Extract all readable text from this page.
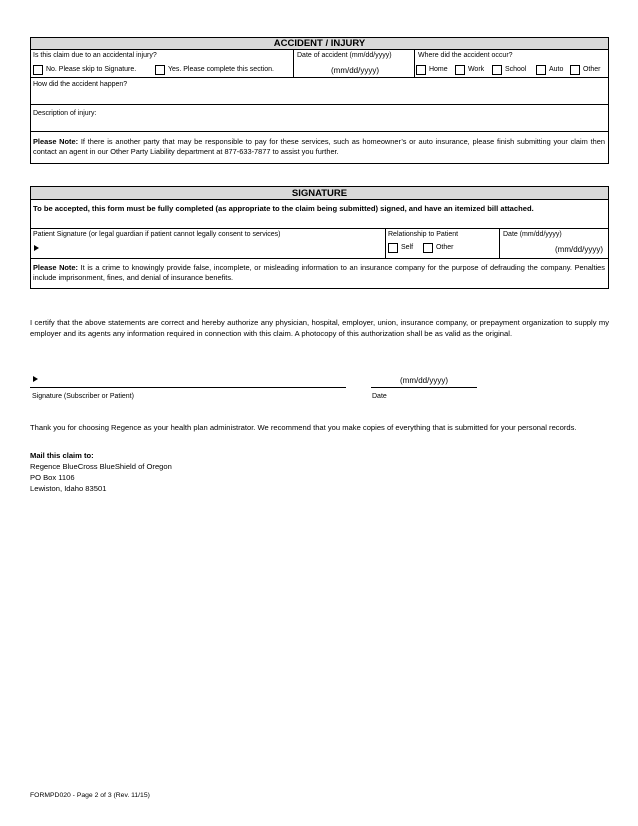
ACCIDENT / INJURY
Is this claim due to an accidental injury?
No. Please skip to Signature.	Yes. Please complete this section.
Date of accident (mm/dd/yyyy)
(mm/dd/yyyy)
Where did the accident occur?
Home	Work	School	Auto	Other
How did the accident happen?
Description of injury:
Please Note: If there is another party that may be responsible to pay for these services, such as homeowner’s or auto insurance, please finish submitting your claim then contact an agent in our Other Party Liability department at 877-633-7877 to assist you further.
SIGNATURE
To be accepted, this form must be fully completed (as appropriate to the claim being submitted) signed, and have an itemized bill attached.
Patient Signature (or legal guardian if patient cannot legally consent to services)	Relationship to Patient
Self	Other
Date (mm/dd/yyyy)
(mm/dd/yyyy)
Please Note: It is a crime to knowingly provide false, incomplete, or misleading information to an insurance company for the purpose of defrauding the company. Penalties include imprisonment, fines, and denial of insurance benefits.
I certify that the above statements are correct and hereby authorize any physician, hospital, employer, union, insurance company, or prepayment organization to supply my employer and its agents any information required in connection with this claim. A photocopy of this authorization shall be as valid as the original.
Signature (Subscriber or Patient)
(mm/dd/yyyy)
Date
Thank you for choosing Regence as your health plan administrator. We recommend that you make copies of everything that is submitted for your personal records.
Mail this claim to:
Regence BlueCross BlueShield of Oregon
PO Box 1106
Lewiston, Idaho 83501
FORMPD020 - Page 2 of 3 (Rev. 11/15)
